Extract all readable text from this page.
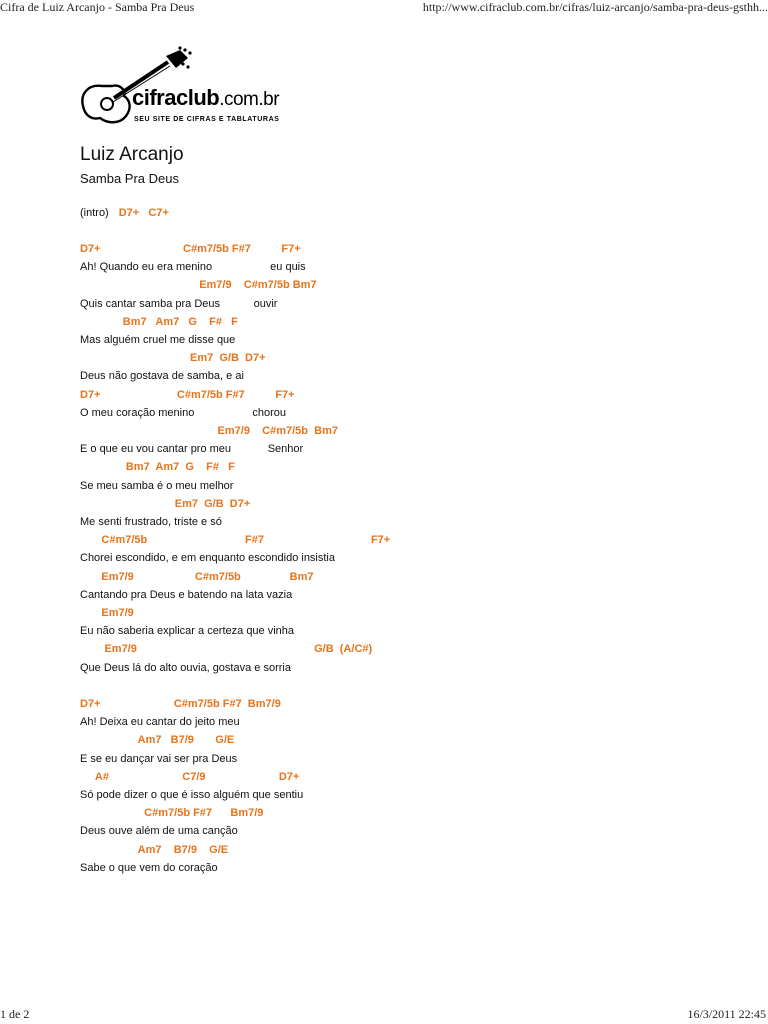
Cifra de Luiz Arcanjo - Samba Pra Deus	http://www.cifraclub.com.br/cifras/luiz-arcanjo/samba-pra-deus-gsthh...
cifraclub.com.br
SEU SITE DE CIFRAS E TABLATURAS
Luiz Arcanjo
Samba Pra Deus
(intro) D7+   C7+
D7+                           C#m7/5b F#7          F7+
Ah! Quando eu era menino                   eu quis
Em7/9    C#m7/5b Bm7
Quis cantar samba pra Deus           ouvir
Bm7   Am7   G    F#   F
Mas alguém cruel me disse que
Em7  G/B  D7+
Deus não gostava de samba, e ai
D7+                         C#m7/5b F#7          F7+
O meu coração menino                   chorou
Em7/9    C#m7/5b  Bm7
E o que eu vou cantar pro meu            Senhor
Bm7  Am7  G    F#   F
Se meu samba é o meu melhor
Em7  G/B  D7+
Me senti frustrado, triste e só
C#m7/5b                                F#7                                   F7+
Chorei escondido, e em enquanto escondido insistia
Em7/9                    C#m7/5b                Bm7
Cantando pra Deus e batendo na lata vazia
Em7/9
Eu não saberia explicar a certeza que vinha
Em7/9                                                          G/B  (A/C#)
Que Deus lá do alto ouvia, gostava e sorria
D7+                        C#m7/5b F#7  Bm7/9
Ah! Deixa eu cantar do jeito meu
Am7   B7/9       G/E
E se eu dançar vai ser pra Deus
A#                        C7/9                        D7+
Só pode dizer o que é isso alguém que sentiu
C#m7/5b F#7      Bm7/9
Deus ouve além de uma canção
Am7    B7/9    G/E
Sabe o que vem do coração
1 de 2	16/3/2011 22:45
